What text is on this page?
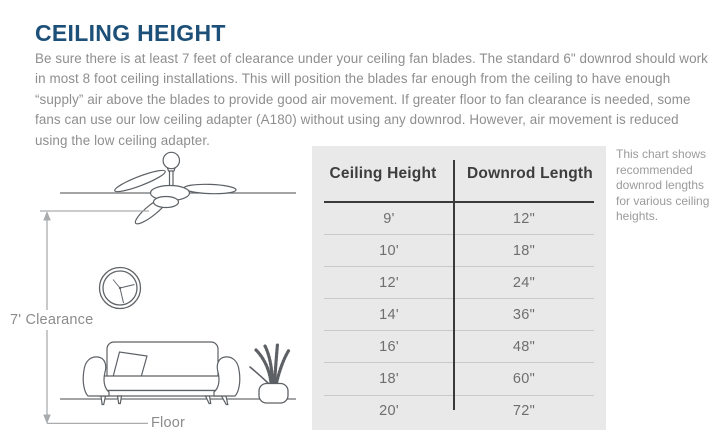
CEILING HEIGHT
Be sure there is at least 7 feet of clearance under your ceiling fan blades. The standard 6" downrod should work in most 8 foot ceiling installations. This will position the blades far enough from the ceiling to have enough “supply” air above the blades to provide good air movement. If greater floor to fan clearance is needed, some fans can use our low ceiling adapter (A180) without using any downrod. However, air movement is reduced using the low ceiling adapter.
7' Clearance
Floor
Ceiling Height	Downrod Length
9'	12"
10'	18"
12'	24"
14'	36"
16'	48"
18'	60"
20'	72"
This chart shows recommended downrod lengths for various ceiling heights.
